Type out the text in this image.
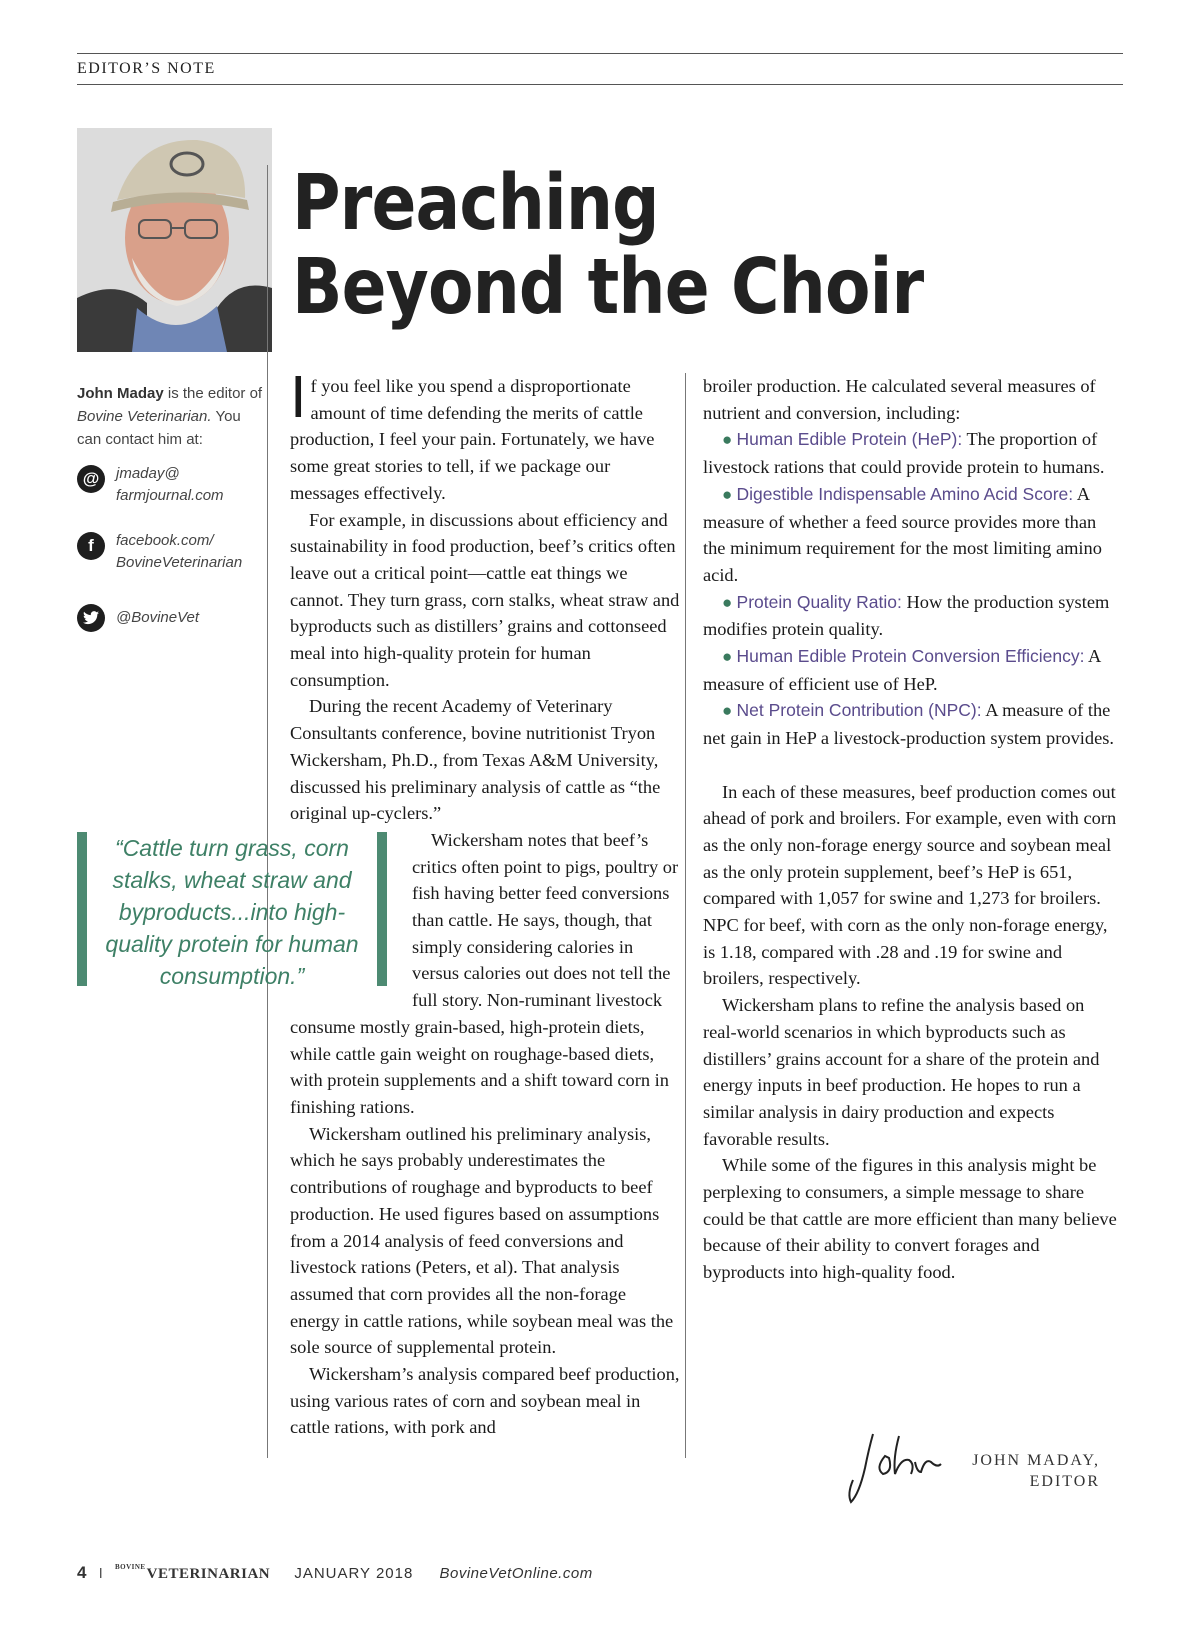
EDITOR’S NOTE
Preaching
Beyond the Choir
John Maday is the editor of Bovine Veterinarian. You can contact him at:
@	jmaday@
farmjournal.com
f	facebook.com/
BovineVeterinarian
@BovineVet

If you feel like you spend a disproportionate amount of time defending the merits of cattle production, I feel your pain. Fortunately, we have some great stories to tell, if we package our messages effectively.

For example, in discussions about efficiency and sustainability in food production, beef’s critics often leave out a critical point—cattle eat things we cannot. They turn grass, corn stalks, wheat straw and byproducts such as distillers’ grains and cottonseed meal into high-quality protein for human consumption.

During the recent Academy of Veterinary Consultants conference, bovine nutritionist Tryon Wickersham, Ph.D., from Texas A&M University, discussed his preliminary analysis of cattle as “the original up-cyclers.”

Wickersham notes that beef’s critics often point to pigs, poultry or fish having better feed conversions than cattle. He says, though, that simply considering calories in versus calories out does not tell the full story. Non-ruminant livestock consume mostly grain-based, high-protein diets, while cattle gain weight on roughage-based diets, with protein supplements and a shift toward corn in finishing rations.

Wickersham outlined his preliminary analysis, which he says probably underestimates the contributions of roughage and byproducts to beef production. He used figures based on assumptions from a 2014 analysis of feed conversions and livestock rations (Peters, et al). That analysis assumed that corn provides all the non-forage energy in cattle rations, while soybean meal was the sole source of supplemental protein.

Wickersham’s analysis compared beef production, using various rates of corn and soybean meal in cattle rations, with pork and

“Cattle turn grass, corn stalks, wheat straw and byproducts...into high-quality protein for human consumption.”

broiler production. He calculated several measures of nutrient and conversion, including:

● Human Edible Protein (HeP): The proportion of livestock rations that could provide protein to humans.

● Digestible Indispensable Amino Acid Score: A measure of whether a feed source provides more than the minimum requirement for the most limiting amino acid.

● Protein Quality Ratio: How the production system modifies protein quality.

● Human Edible Protein Conversion Efficiency: A measure of efficient use of HeP.

● Net Protein Contribution (NPC): A measure of the net gain in HeP a livestock-production system provides.

In each of these measures, beef production comes out ahead of pork and broilers. For example, even with corn as the only non-forage energy source and soybean meal as the only protein supplement, beef’s HeP is 651, compared with 1,057 for swine and 1,273 for broilers. NPC for beef, with corn as the only non-forage energy, is 1.18, compared with .28 and .19 for swine and broilers, respectively.

Wickersham plans to refine the analysis based on real-world scenarios in which byproducts such as distillers’ grains account for a share of the protein and energy inputs in beef production. He hopes to run a similar analysis in dairy production and expects favorable results.

While some of the figures in this analysis might be perplexing to consumers, a simple message to share could be that cattle are more efficient than many believe because of their ability to convert forages and byproducts into high-quality food.

JOHN MADAY,
EDITOR
4 I $^{BOVINE}$VETERINARIAN JANUARY 2018 BovineVetOnline.com
